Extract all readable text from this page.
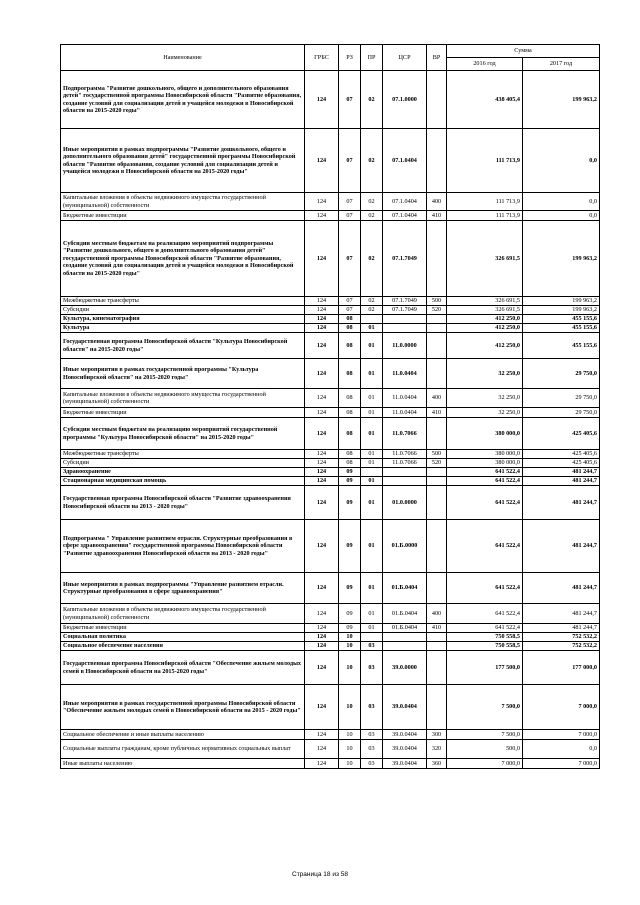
Наименование	ГРБС	РЗ	ПР	ЦСР	ВР	Сумма	
						2016 год	2017 год
Подпрограмма "Развитие дошкольного, общего и дополнительного образования детей" государственной программы Новосибирской области "Развитие образования, создание условий для социализации детей и учащейся молодежи в Новосибирской области на 2015-2020 годы"	124	07	02	07.1.0000		438 405,4	199 963,2
Иные мероприятия в рамках подпрограммы "Развитие дошкольного, общего и дополнительного образования детей" государственной программы Новосибирской области "Развитие образования, создание условий для социализации детей и учащейся молодежи в Новосибирской области на 2015-2020 годы"	124	07	02	07.1.0404		111 713,9	0,0
Капитальные вложения в объекты недвижимого имущества государственной (муниципальной) собственности	124	07	02	07.1.0404	400	111 713,9	0,0
Бюджетные инвестиции	124	07	02	07.1.0404	410	111 713,9	0,0
Субсидии местным бюджетам на реализацию мероприятий подпрограммы "Развитие дошкольного, общего и дополнительного образования детей" государственной программы Новосибирской области "Развитие образования, создание условий для социализации детей и учащейся молодежи в Новосибирской области на 2015-2020 годы"	124	07	02	07.1.7049		326 691,5	199 963,2
Межбюджетные трансферты	124	07	02	07.1.7049	500	326 691,5	199 963,2
Субсидии	124	07	02	07.1.7049	520	326 691,5	199 963,2
Культура, кинематография	124	08				412 250,0	455 155,6
Культура	124	08	01			412 250,0	455 155,6
Государственная программа Новосибирской области "Культура Новосибирской области" на 2015-2020 годы"	124	08	01	11.0.0000		412 250,0	455 155,6
Иные мероприятия в рамках государственной программы "Культура Новосибирской области" на 2015-2020 годы"	124	08	01	11.0.0404		32 250,0	29 750,0
Капитальные вложения в объекты недвижимого имущества государственной (муниципальной) собственности	124	08	01	11.0.0404	400	32 250,0	29 750,0
Бюджетные инвестиции	124	08	01	11.0.0404	410	32 250,0	29 750,0
Субсидии местным бюджетам на реализацию мероприятий государственной программы "Культура Новосибирской области" на 2015-2020 годы"	124	08	01	11.0.7066		380 000,0	425 405,6
Межбюджетные трансферты	124	08	01	11.0.7066	500	380 000,0	425 405,6
Субсидии	124	08	01	11.0.7066	520	380 000,0	425 405,6
Здравоохранение	124	09				641 522,4	481 244,7
Стационарная медицинская помощь	124	09	01			641 522,4	481 244,7
Государственная программа Новосибирской области "Развитие здравоохранения Новосибирской области на 2013 - 2020 годы"	124	09	01	01.0.0000		641 522,4	481 244,7
Подпрограмма " Управление развитием отрасли. Структурные преобразования в сфере здравоохранения" государственной программы Новосибирской области "Развитие здравоохранения Новосибирской области на 2013 - 2020 годы"	124	09	01	01.Б.0000		641 522,4	481 244,7
Иные мероприятия в рамках подпрограммы "Управление развитием отрасли. Структурные преобразования в сфере здравоохранения"	124	09	01	01.Б.0404		641 522,4	481 244,7
Капитальные вложения в объекты недвижимого имущества государственной (муниципальной) собственности	124	09	01	01.Б.0404	400	641 522,4	481 244,7
Бюджетные инвестиции	124	09	01	01.Б.0404	410	641 522,4	481 244,7
Социальная политика	124	10				750 558,5	752 532,2
Социальное обеспечение населения	124	10	03			750 558,5	752 532,2
Государственная программа Новосибирской области "Обеспечение жильем молодых семей в Новосибирской области на 2015-2020 годы"	124	10	03	39.0.0000		177 500,0	177 000,0
Иные мероприятия в рамках государственной программы Новосибирской области "Обеспечение жильем молодых семей в Новосибирской области на 2015 - 2020 годы"	124	10	03	39.0.0404		7 500,0	7 000,0
Социальное обеспечение и иные выплаты населению	124	10	03	39.0.0404	300	7 500,0	7 000,0
Социальные выплаты гражданам, кроме публичных нормативных социальных выплат	124	10	03	39.0.0404	320	500,0	0,0
Иные выплаты населению	124	10	03	39.0.0404	360	7 000,0	7 000,0
Страница 18 из 58
